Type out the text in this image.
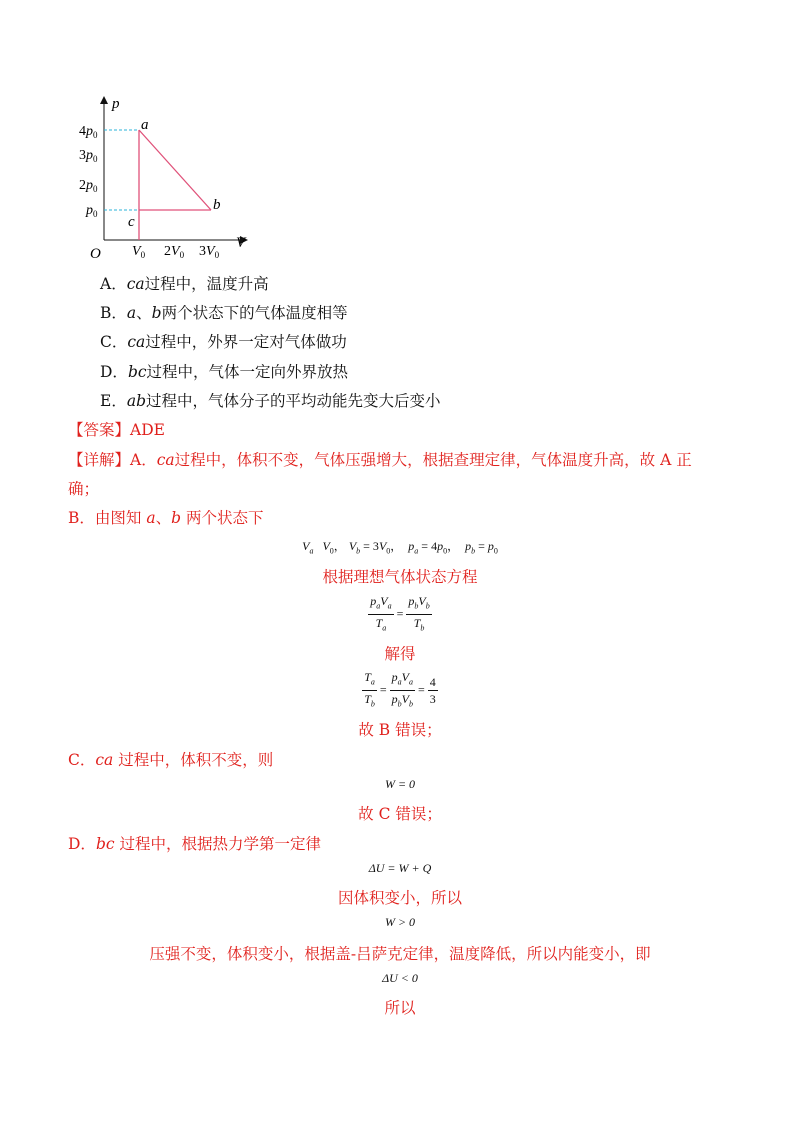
p
V
O
a
b
c
$4p_0$
$3p_0$
$2p_0$
$p_0$
$V_0$ $2V_0$ $3V_0$
A．ca过程中，温度升高
B．a、b两个状态下的气体温度相等
C．ca过程中，外界一定对气体做功
D．bc过程中，气体一定向外界放热
E．ab过程中，气体分子的平均动能先变大后变小
【答案】ADE
【详解】A．ca过程中，体积不变，气体压强增大，根据查理定律，气体温度升高，故 A 正
确；
B．由图知 a、b 两个状态下
$V_a$ $V_0$， $V_b = 3V_0$，  $p_a = 4p_0$，  $p_b = p_0$
根据理想气体状态方程
$\frac{p_aV_a}{T_a} = \frac{p_bV_b}{T_b}$
解得
$\frac{T_a}{T_b} = \frac{p_aV_a}{p_bV_b} = \frac{4}{3}$
故 B 错误；
C．ca 过程中，体积不变，则
W = 0
故 C 错误；
D．bc 过程中，根据热力学第一定律
ΔU = W + Q
因体积变小，所以
W > 0
压强不变，体积变小，根据盖-吕萨克定律，温度降低，所以内能变小，即
ΔU < 0
所以
